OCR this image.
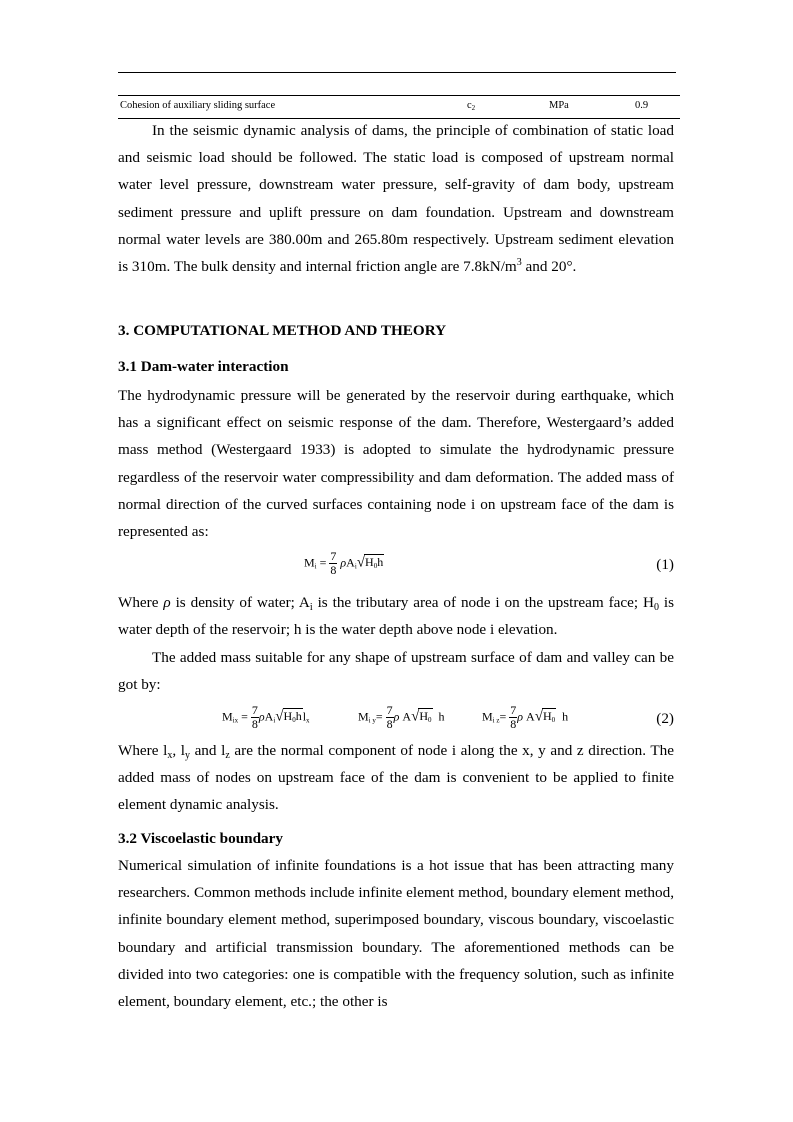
Cohesion of auxiliary sliding surface	$c_2$	MPa	0.9

In the seismic dynamic analysis of dams, the principle of combination of static load and seismic load should be followed. The static load is composed of upstream normal water level pressure, downstream water pressure, self-gravity of dam body, upstream sediment pressure and uplift pressure on dam foundation. Upstream and downstream normal water levels are 380.00m and 265.80m respectively. Upstream sediment elevation is 310m. The bulk density and internal friction angle are $7.8kN/m^3$ and 20°.

3. COMPUTATIONAL METHOD AND THEORY

3.1 Dam-water interaction

The hydrodynamic pressure will be generated by the reservoir during earthquake, which has a significant effect on seismic response of the dam. Therefore, Westergaard’s added mass method (Westergaard 1933) is adopted to simulate the hydrodynamic pressure regardless of the reservoir water compressibility and dam deformation. The added mass of normal direction of the curved surfaces containing node i on upstream face of the dam is represented as:

$M_i = \frac{7}{8} \rho A_i√H_0h$	(1)

Where ρ is density of water; $A_i$ is the tributary area of node i on the upstream face; $H_0$ is water depth of the reservoir; h is the water depth above node i elevation.

The added mass suitable for any shape of upstream surface of dam and valley can be got by:

$M_{ix} = \frac{7}{8} \rho A_i√H_0hl_x$	$M_{i y}= \frac{7}{8}$ ρ $A√H_0$ h	$M_{i z}= \frac{7}{8}$ ρ $A√H_0$ h	(2)

Where $l_x$, $l_y$ and $l_z$ are the normal component of node i along the x, y and z direction. The added mass of nodes on upstream face of the dam is convenient to be applied to finite element dynamic analysis.

3.2 Viscoelastic boundary

Numerical simulation of infinite foundations is a hot issue that has been attracting many researchers. Common methods include infinite element method, boundary element method, infinite boundary element method, superimposed boundary, viscous boundary, viscoelastic boundary and artificial transmission boundary. The aforementioned methods can be divided into two categories: one is compatible with the frequency solution, such as infinite element, boundary element, etc.; the other is
